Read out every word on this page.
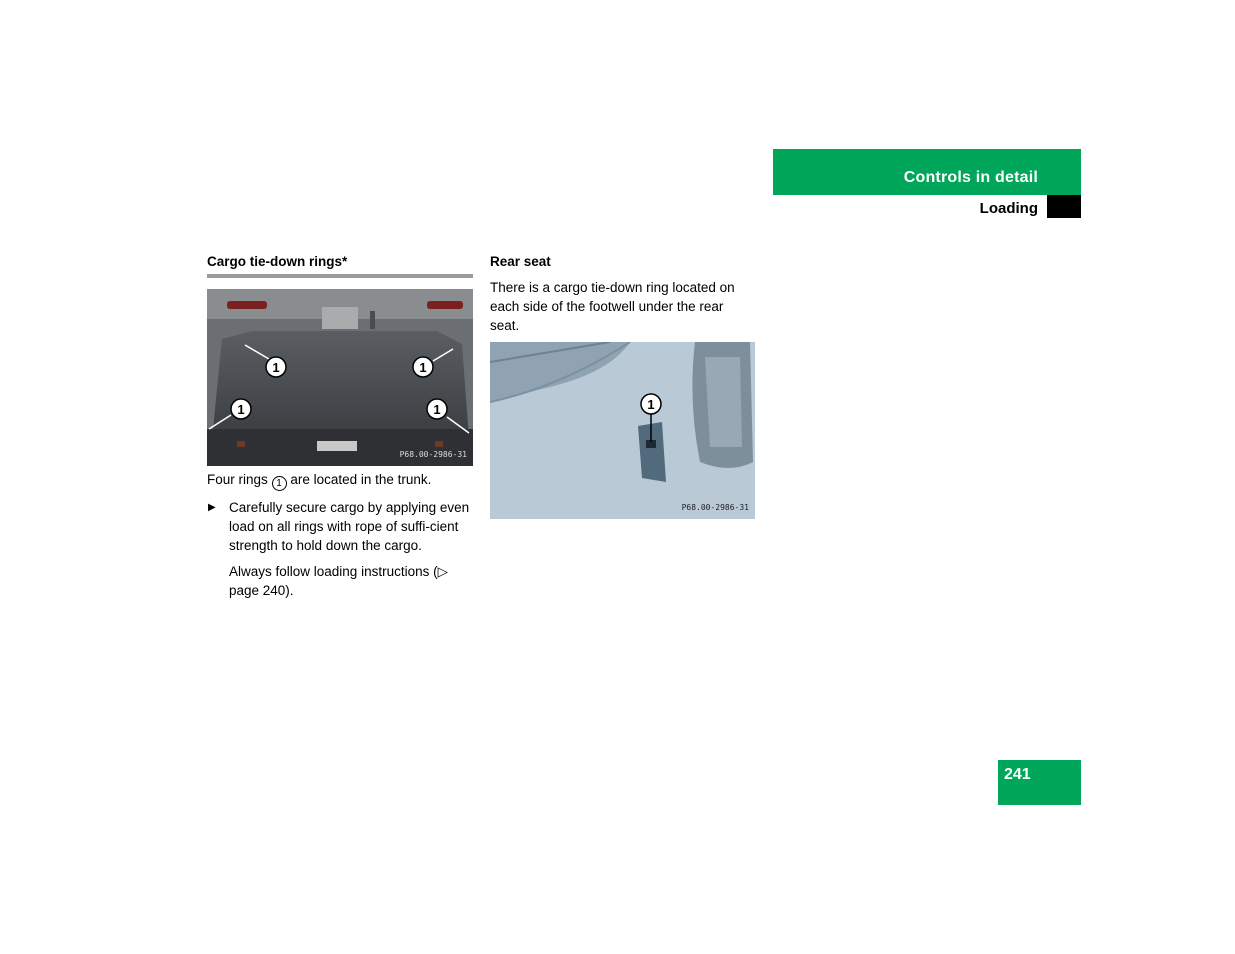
Controls in detail
Loading
Cargo tie-down rings*
1	1
1	1
P68.00-2986-31

Four rings 1 are located in the trunk.

▶ Carefully secure cargo by applying even load on all rings with rope of suffi-cient strength to hold down the cargo.

Always follow loading instructions (▷ page 240).

Rear seat

There is a cargo tie-down ring located on each side of the footwell under the rear seat.

1
P68.00-2986-31
241
